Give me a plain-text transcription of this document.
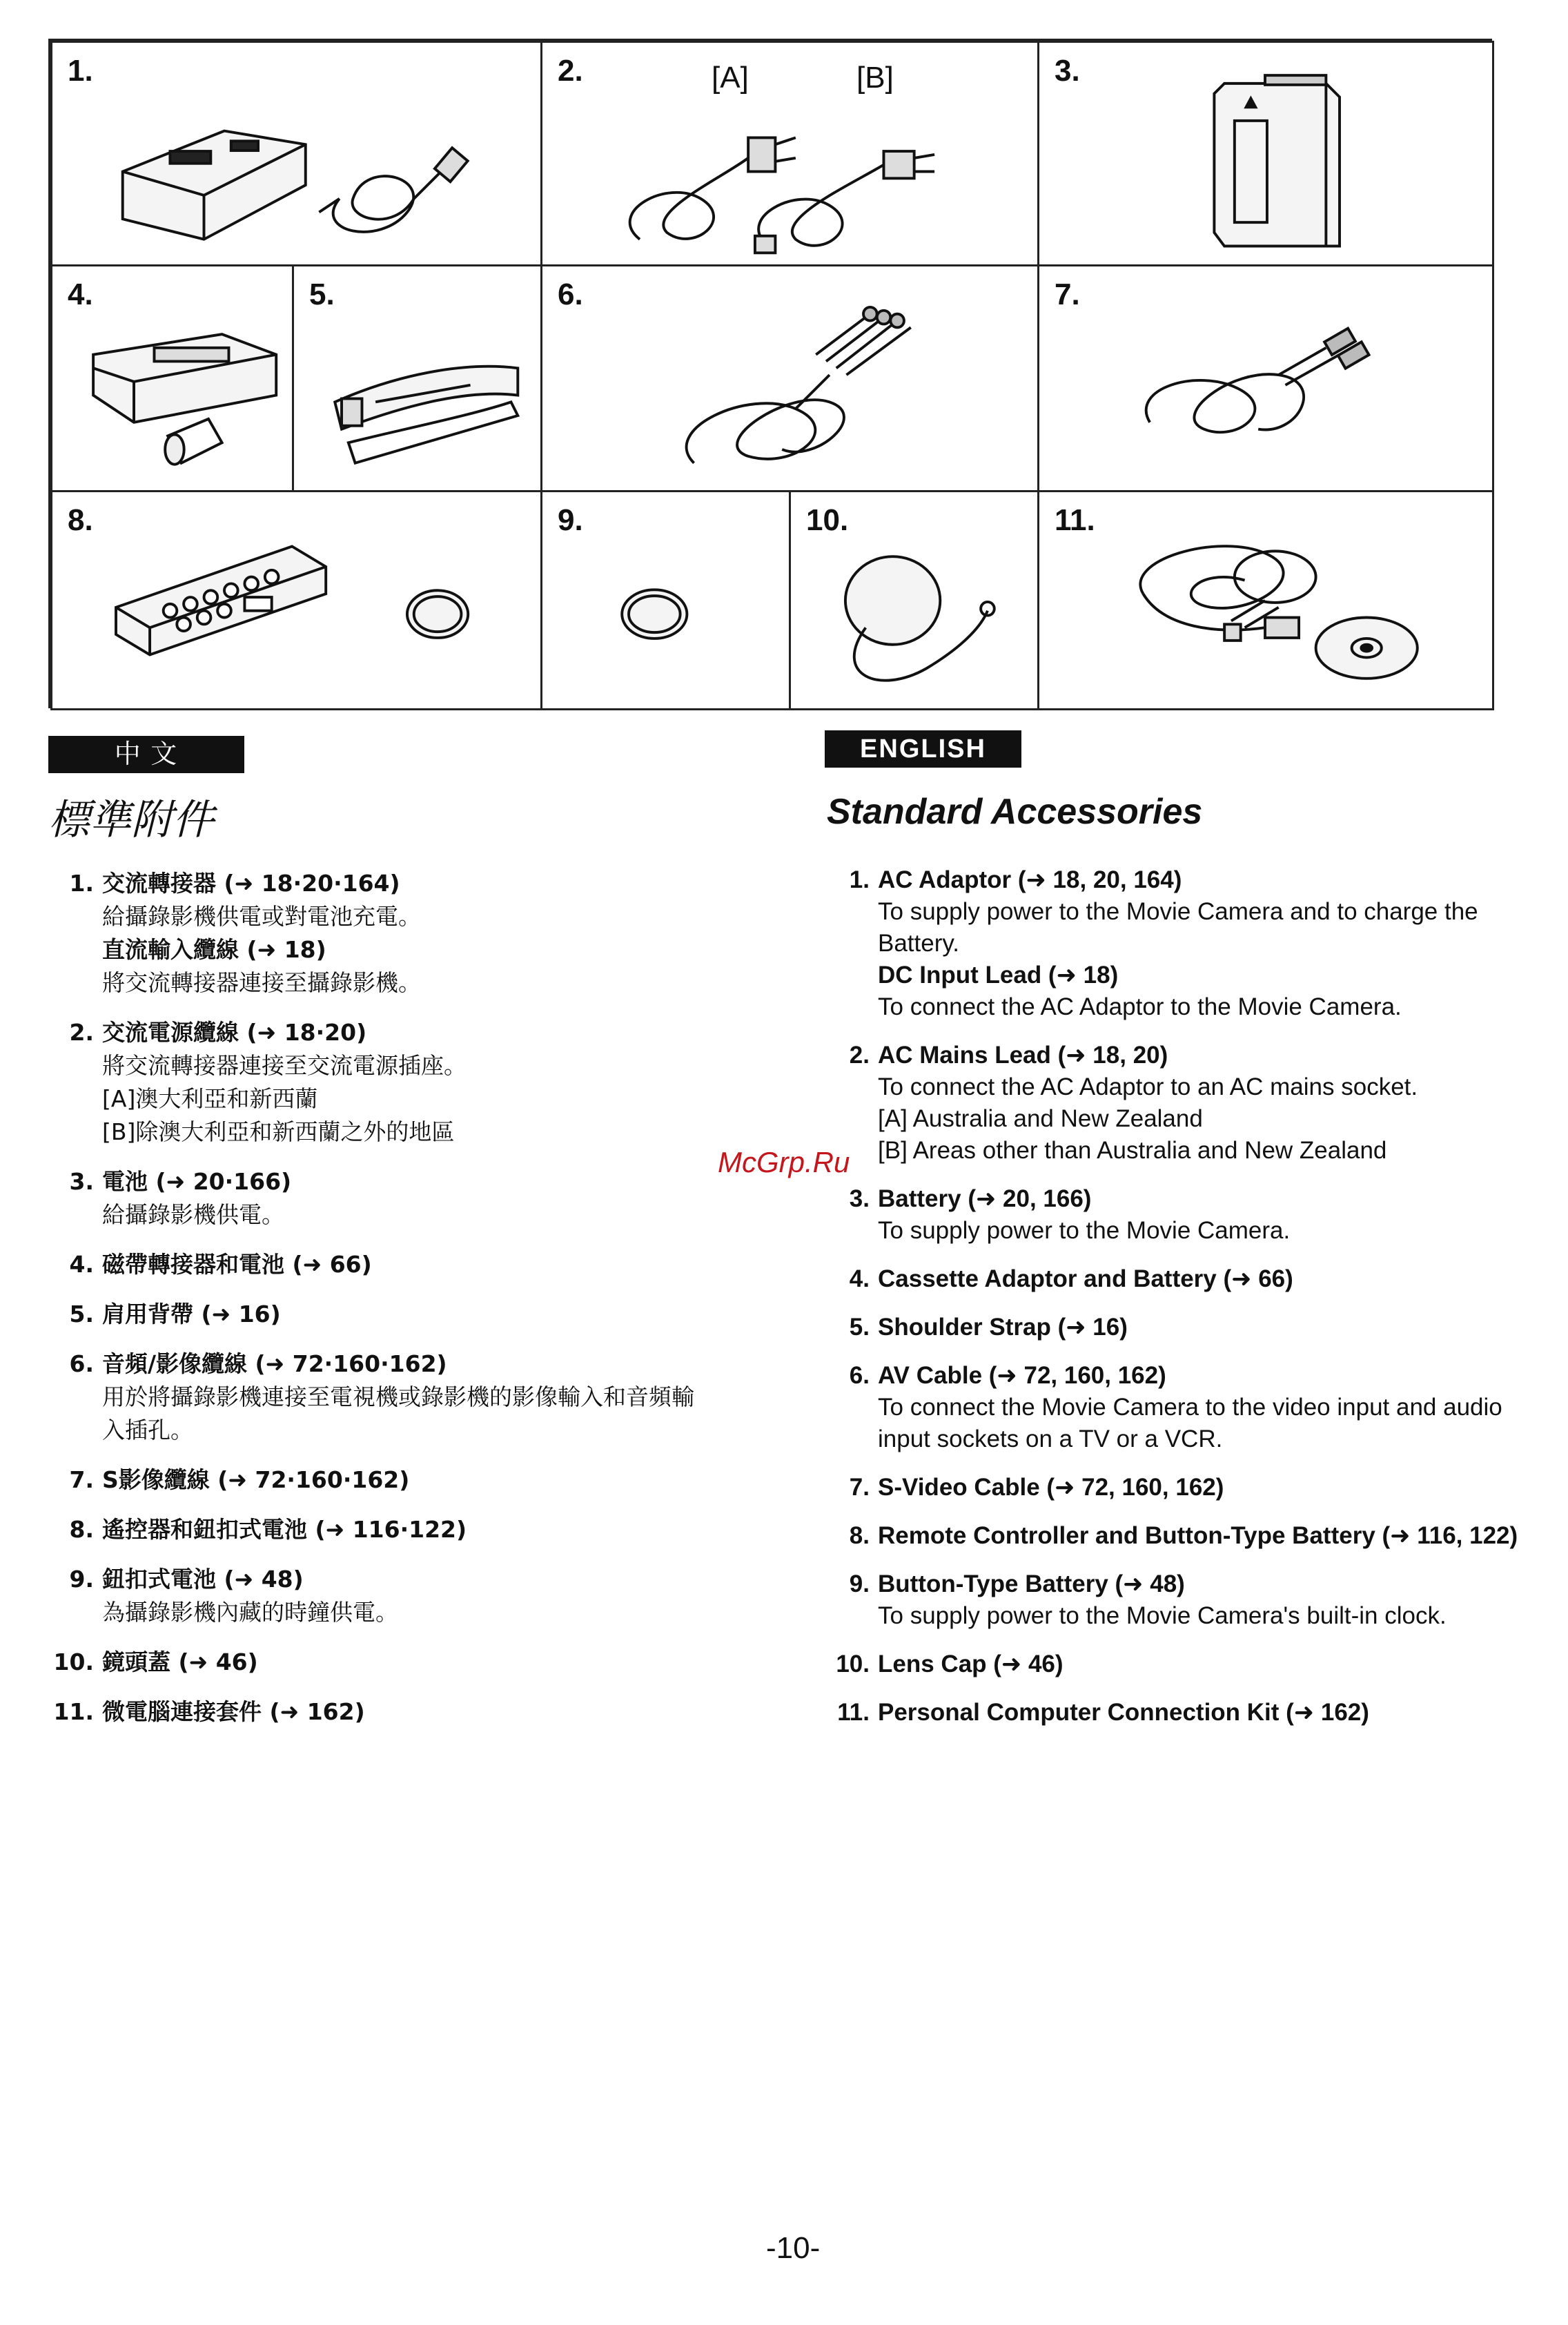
1.	2.	[A]	[B]	3.
4.	5.	6.	7.
8.	9.	10.	11.
中 文
標準附件
1. 交流轉接器 (➜ 18·20·164)
給攝錄影機供電或對電池充電。
直流輸入纜線 (➜ 18)
將交流轉接器連接至攝錄影機。
2. 交流電源纜線 (➜ 18·20)
將交流轉接器連接至交流電源插座。
[A]澳大利亞和新西蘭
[B]除澳大利亞和新西蘭之外的地區
3. 電池 (➜ 20·166)
給攝錄影機供電。
4. 磁帶轉接器和電池 (➜ 66)
5. 肩用背帶 (➜ 16)
6. 音頻/影像纜線 (➜ 72·160·162)
用於將攝錄影機連接至電視機或錄影機的影像輸入和音頻輸
入插孔。
7. S影像纜線 (➜ 72·160·162)
8. 遙控器和鈕扣式電池 (➜ 116·122)
9. 鈕扣式電池 (➜ 48)
為攝錄影機內藏的時鐘供電。
10. 鏡頭蓋 (➜ 46)
11. 微電腦連接套件 (➜ 162)
ENGLISH
Standard Accessories
1. AC Adaptor (➜ 18, 20, 164)
To supply power to the Movie Camera and to charge the Battery.
DC Input Lead (➜ 18)
To connect the AC Adaptor to the Movie Camera.
2. AC Mains Lead (➜ 18, 20)
To connect the AC Adaptor to an AC mains socket.
[A] Australia and New Zealand
[B] Areas other than Australia and New Zealand
3. Battery (➜ 20, 166)
To supply power to the Movie Camera.
4. Cassette Adaptor and Battery (➜ 66)
5. Shoulder Strap (➜ 16)
6. AV Cable (➜ 72, 160, 162)
To connect the Movie Camera to the video input and audio input sockets on a TV or a VCR.
7. S-Video Cable (➜ 72, 160, 162)
8. Remote Controller and Button-Type Battery (➜ 116, 122)
9. Button-Type Battery (➜ 48)
To supply power to the Movie Camera's built-in clock.
10. Lens Cap (➜ 46)
11. Personal Computer Connection Kit (➜ 162)
McGrp.Ru
-10-
